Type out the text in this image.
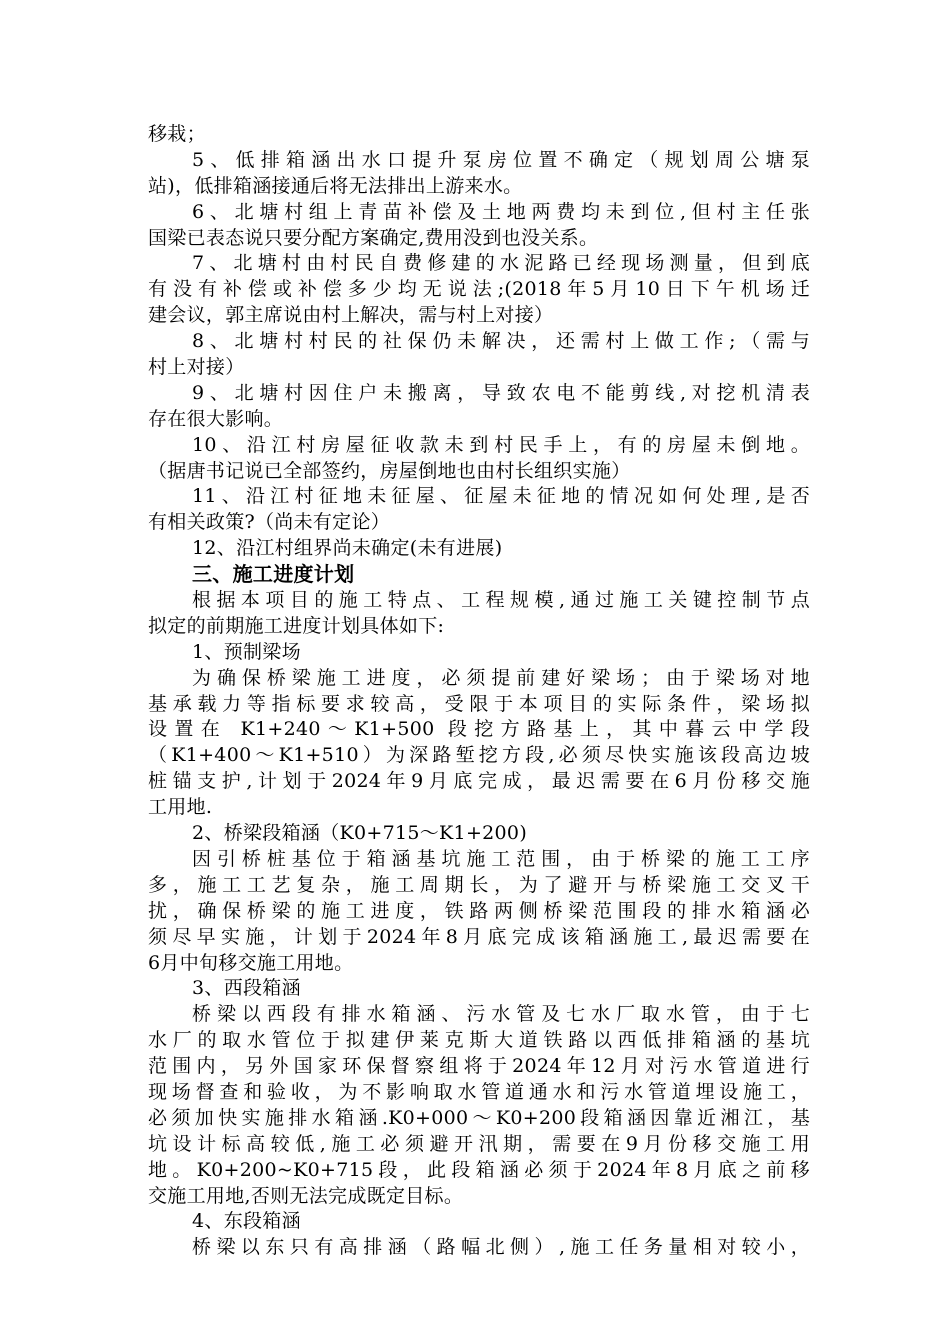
移栽；
5、低排箱涵出水口提升泵房位置不确定（规划周公塘泵
站)，低排箱涵接通后将无法排出上游来水。
6、北塘村组上青苗补偿及土地两费均未到位,但村主任张
国梁已表态说只要分配方案确定,费用没到也没关系。
7、北塘村由村民自费修建的水泥路已经现场测量，但到底
有没有补偿或补偿多少均无说法;(2018年5月10日下午机场迁
建会议，郭主席说由村上解决，需与村上对接）
8、北塘村村民的社保仍未解决，还需村上做工作;（需与
村上对接）
9、北塘村因住户未搬离，导致农电不能剪线,对挖机清表
存在很大影响。
10、沿江村房屋征收款未到村民手上，有的房屋未倒地。
（据唐书记说已全部签约，房屋倒地也由村长组织实施）
11、沿江村征地未征屋、征屋未征地的情况如何处理,是否
有相关政策?（尚未有定论）
12、沿江村组界尚未确定(未有进展)
三、施工进度计划
根据本项目的施工特点、工程规模,通过施工关键控制节点
拟定的前期施工进度计划具体如下:
1、预制梁场
为确保桥梁施工进度，必须提前建好梁场；由于梁场对地
基承载力等指标要求较高，受限于本项目的实际条件，梁场拟
设置在 K1+240～K1+500 段挖方路基上，其中暮云中学段
（K1+400～K1+510）为深路堑挖方段,必须尽快实施该段高边坡
桩锚支护,计划于2024年9月底完成，最迟需要在6月份移交施
工用地.
2、桥梁段箱涵（K0+715～K1+200)
因引桥桩基位于箱涵基坑施工范围，由于桥梁的施工工序
多，施工工艺复杂，施工周期长，为了避开与桥梁施工交叉干
扰，确保桥梁的施工进度，铁路两侧桥梁范围段的排水箱涵必
须尽早实施，计划于2024年8月底完成该箱涵施工,最迟需要在
6月中旬移交施工用地。
3、西段箱涵
桥梁以西段有排水箱涵、污水管及七水厂取水管，由于七
水厂的取水管位于拟建伊莱克斯大道铁路以西低排箱涵的基坑
范围内，另外国家环保督察组将于2024年12月对污水管道进行
现场督查和验收，为不影响取水管道通水和污水管道埋设施工，
必须加快实施排水箱涵.K0+000～K0+200段箱涵因靠近湘江，基
坑设计标高较低,施工必须避开汛期，需要在9月份移交施工用
地。K0+200~K0+715段，此段箱涵必须于2024年8月底之前移
交施工用地,否则无法完成既定目标。
4、东段箱涵
桥梁以东只有高排涵（路幅北侧）,施工任务量相对较小，
